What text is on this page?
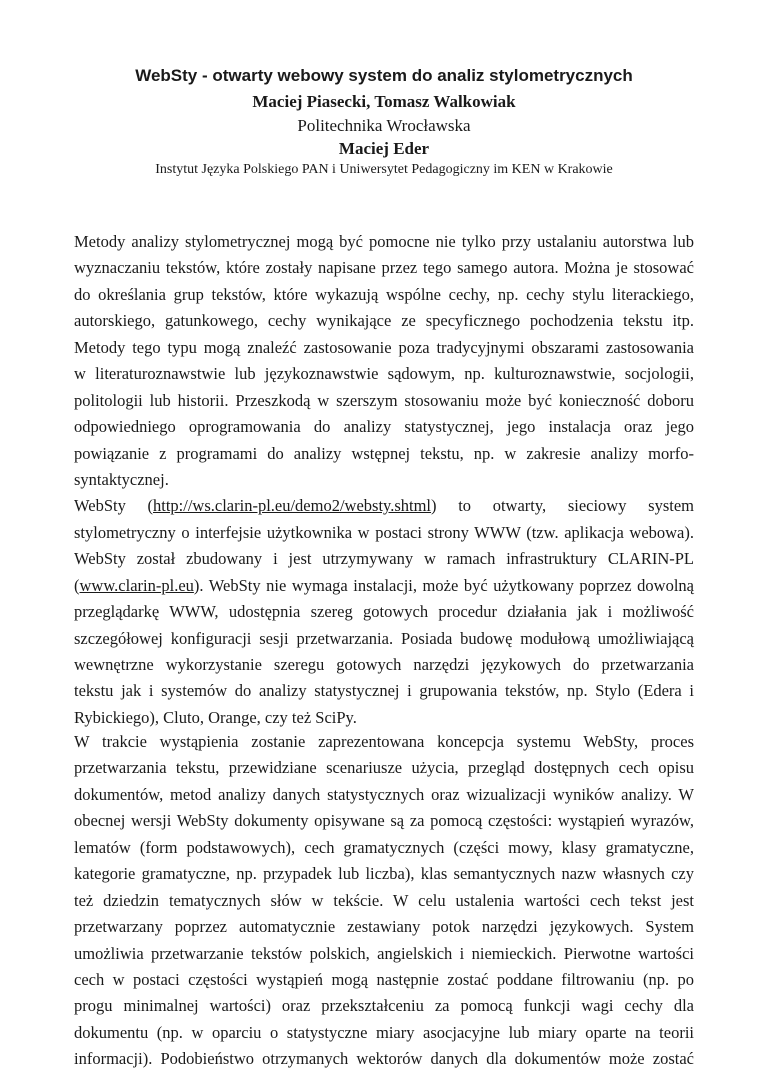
WebSty - otwarty webowy system do analiz stylometrycznych
Maciej Piasecki, Tomasz Walkowiak
Politechnika Wrocławska
Maciej Eder
Instytut Języka Polskiego PAN i Uniwersytet Pedagogiczny im KEN w Krakowie
Metody analizy stylometrycznej mogą być pomocne nie tylko przy ustalaniu autorstwa lub
wyznaczaniu tekstów, które zostały napisane przez tego samego autora. Można je stosować
do określania grup tekstów, które wykazują wspólne cechy, np. cechy stylu literackiego,
autorskiego, gatunkowego, cechy wynikające ze specyficznego pochodzenia tekstu itp.
Metody tego typu mogą znaleźć zastosowanie poza tradycyjnymi obszarami zastosowania
w literaturoznawstwie lub językoznawstwie sądowym, np. kulturoznawstwie, socjologii,
politologii lub historii. Przeszkodą w szerszym stosowaniu może być konieczność doboru
odpowiedniego oprogramowania do analizy statystycznej, jego instalacja oraz jego
powiązanie z programami do analizy wstępnej tekstu, np. w zakresie analizy morfo-
syntaktycznej.
WebSty (http://ws.clarin-pl.eu/demo2/websty.shtml) to otwarty, sieciowy system
stylometryczny o interfejsie użytkownika w postaci strony WWW (tzw. aplikacja webowa).
WebSty został zbudowany i jest utrzymywany w ramach infrastruktury CLARIN-PL
(www.clarin-pl.eu). WebSty nie wymaga instalacji, może być użytkowany poprzez dowolną
przeglądarkę WWW, udostępnia szereg gotowych procedur działania jak i możliwość
szczegółowej konfiguracji sesji przetwarzania. Posiada budowę modułową umożliwiającą
wewnętrzne wykorzystanie szeregu gotowych narzędzi językowych do przetwarzania
tekstu jak i systemów do analizy statystycznej i grupowania tekstów, np. Stylo (Edera i
Rybickiego), Cluto, Orange, czy też SciPy.
W trakcie wystąpienia zostanie zaprezentowana koncepcja systemu WebSty, proces
przetwarzania tekstu, przewidziane scenariusze użycia, przegląd dostępnych cech opisu
dokumentów, metod analizy danych statystycznych oraz wizualizacji wyników analizy. W
obecnej wersji WebSty dokumenty opisywane są za pomocą częstości: wystąpień wyrazów,
lematów (form podstawowych), cech gramatycznych (części mowy, klasy gramatyczne,
kategorie gramatyczne, np. przypadek lub liczba), klas semantycznych nazw własnych czy
też dziedzin tematycznych słów w tekście. W celu ustalenia wartości cech tekst jest
przetwarzany poprzez automatycznie zestawiany potok narzędzi językowych. System
umożliwia przetwarzanie tekstów polskich, angielskich i niemieckich. Pierwotne wartości
cech w postaci częstości wystąpień mogą następnie zostać poddane filtrowaniu (np. po
progu minimalnej wartości) oraz przekształceniu za pomocą funkcji wagi cechy dla
dokumentu (np. w oparciu o statystyczne miary asocjacyjne lub miary oparte na teorii
informacji). Podobieństwo otrzymanych wektorów danych dla dokumentów może zostać
